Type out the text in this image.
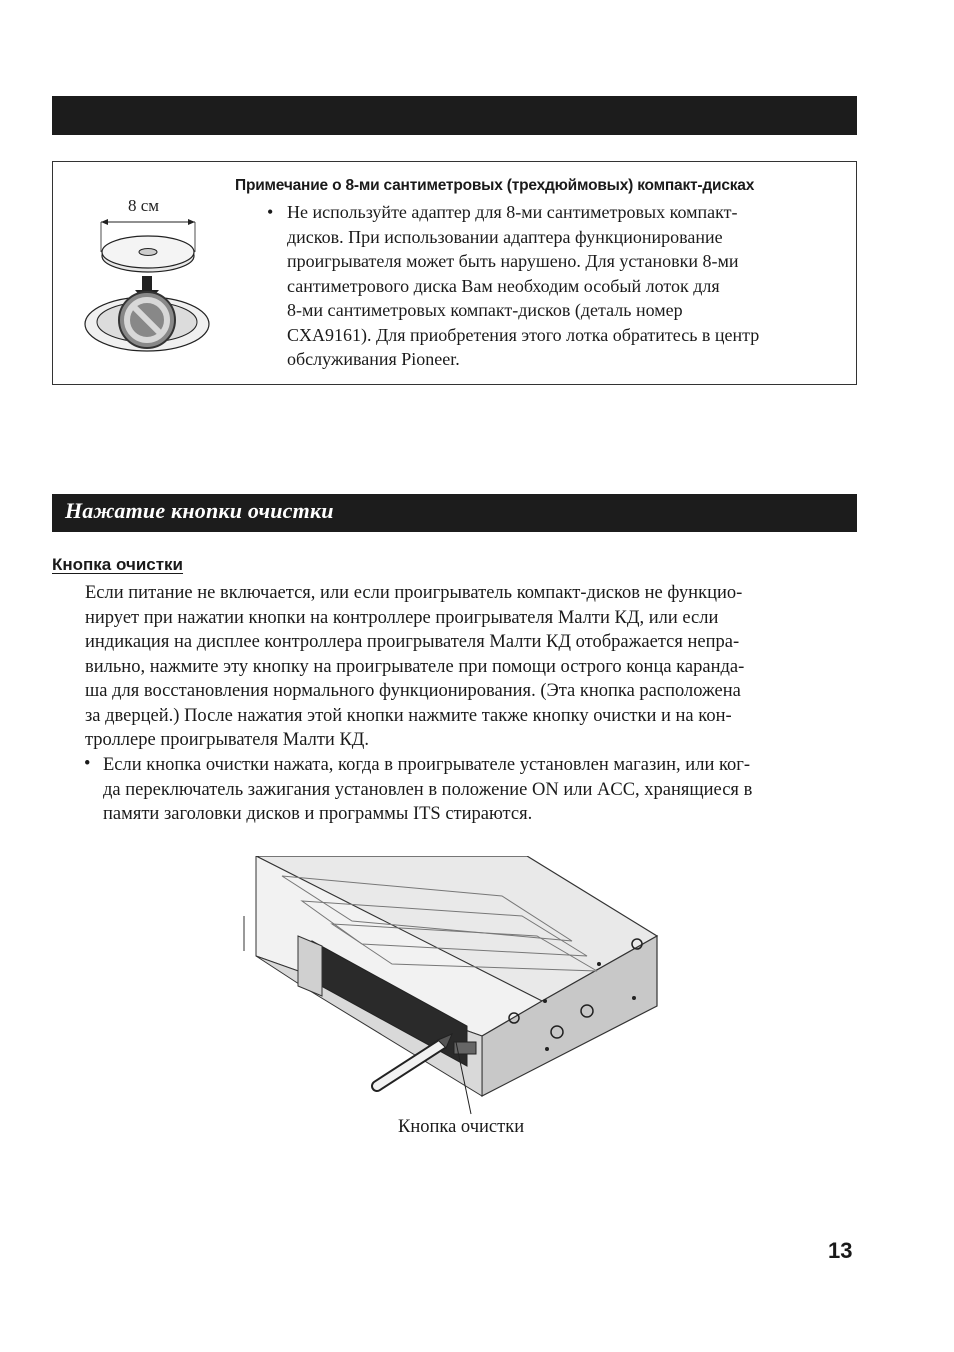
8 см
Примечание о 8-ми сантиметровых (трехдюймовых) компакт-дисках
• Не используйте адаптер для 8-ми сантиметровых компакт-
дисков. При использовании адаптера функционирование
проигрывателя может быть нарушено. Для установки 8-ми
сантиметрового диска Вам необходим особый лоток для
8-ми сантиметровых компакт-дисков (деталь номер
CXA9161). Для приобретения этого лотка обратитесь в центр
обслуживания Pioneer.
Нажатие кнопки очистки
Кнопка очистки
Если питание не включается, или если проигрыватель компакт-дисков не функцио-
нирует при нажатии кнопки на контроллере проигрывателя Малти КД, или если
индикация на дисплее контроллера проигрывателя Малти КД отображается непра-
вильно, нажмите эту кнопку на проигрывателе при помощи острого конца каранда-
ша для восстановления нормального функционирования. (Эта кнопка расположена
за дверцей.) После нажатия этой кнопки нажмите также кнопку очистки и на кон-
троллере проигрывателя Малти КД.
• Если кнопка очистки нажата, когда в проигрывателе установлен магазин, или ког-
да переключатель зажигания установлен в положение ON или ACC, хранящиеся в
памяти заголовки дисков и программы ITS стираются.
Кнопка очистки
13
